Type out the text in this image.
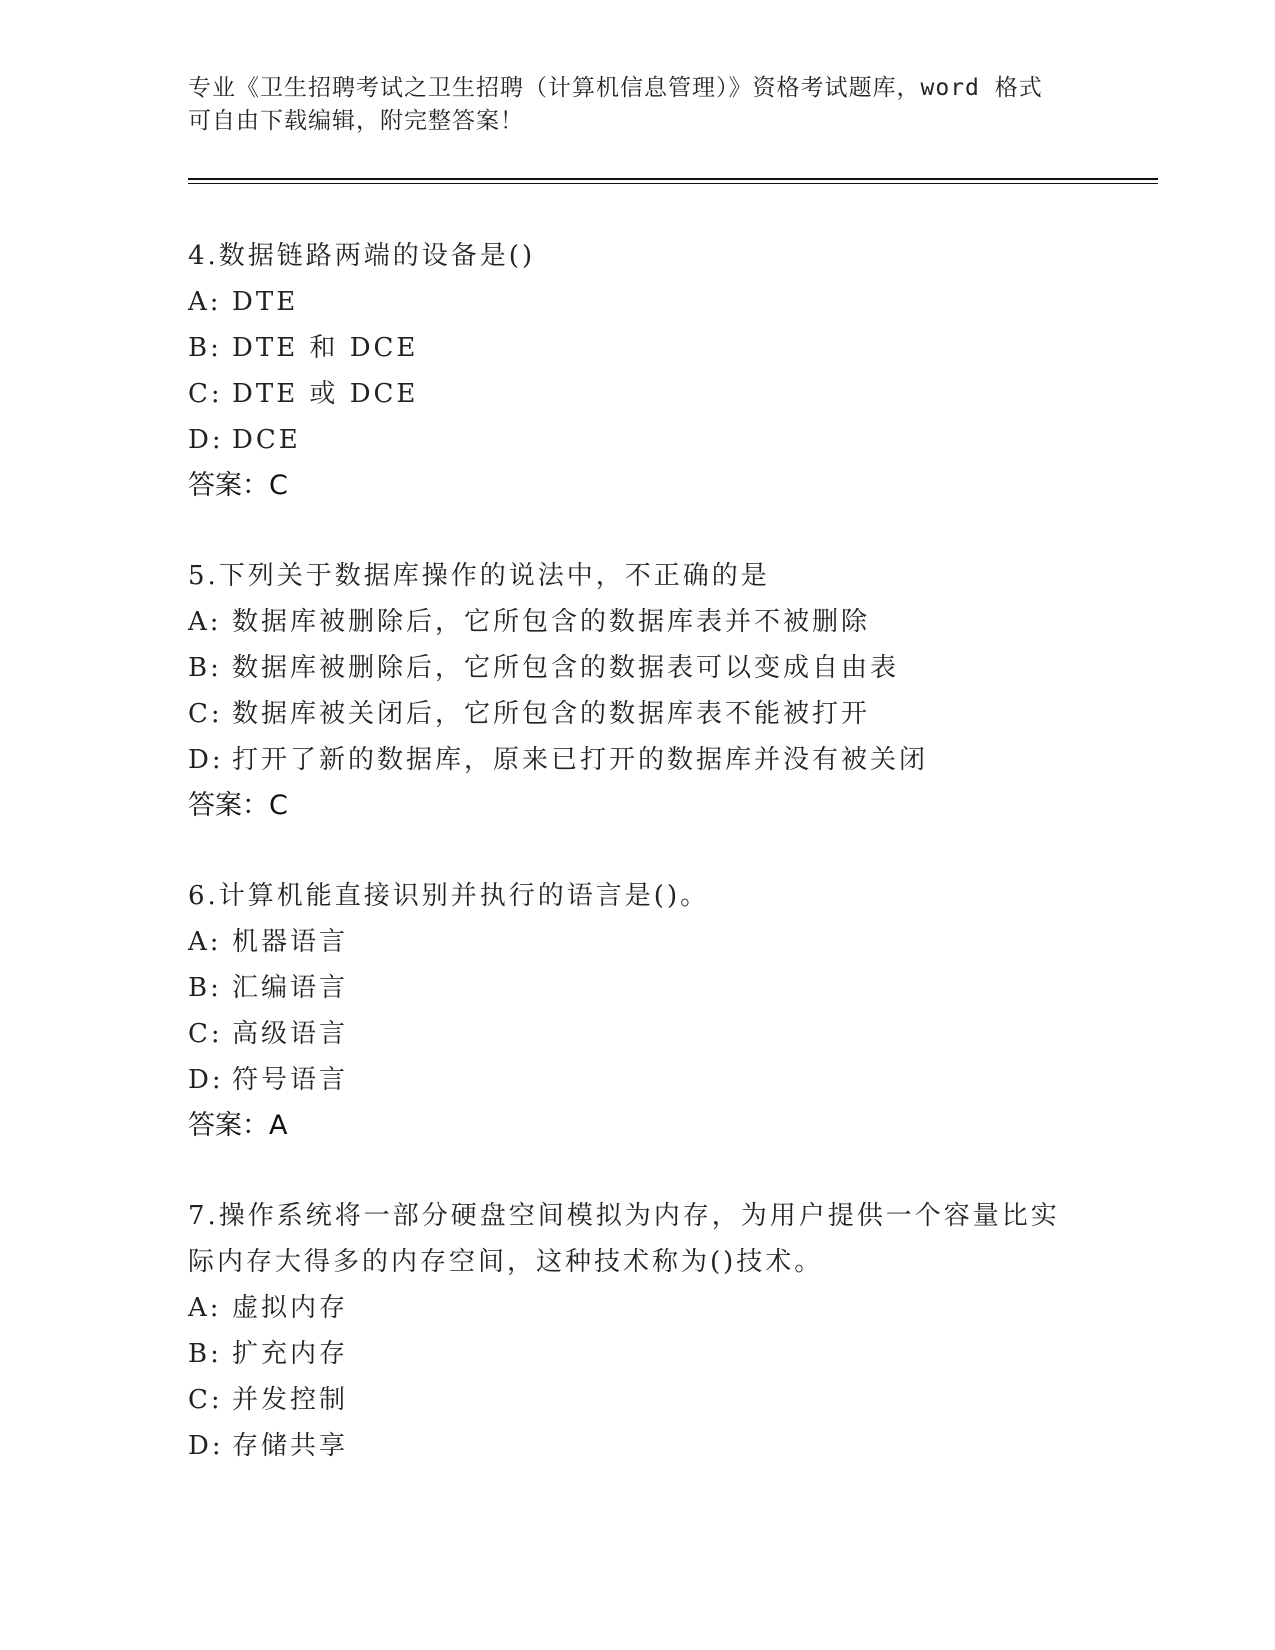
专业《卫生招聘考试之卫生招聘（计算机信息管理）》资格考试题库，word 格式
可自由下载编辑，附完整答案！

4.数据链路两端的设备是()

A: DTE

B: DTE 和 DCE

C: DTE 或 DCE

D: DCE

答案：C

5.下列关于数据库操作的说法中，不正确的是

A: 数据库被删除后，它所包含的数据库表并不被删除

B: 数据库被删除后，它所包含的数据表可以变成自由表

C: 数据库被关闭后，它所包含的数据库表不能被打开

D: 打开了新的数据库，原来已打开的数据库并没有被关闭

答案：C

6.计算机能直接识别并执行的语言是()。

A: 机器语言

B: 汇编语言

C: 高级语言

D: 符号语言

答案：A

7.操作系统将一部分硬盘空间模拟为内存，为用户提供一个容量比实际内存大得多的内存空间，这种技术称为()技术。

A: 虚拟内存

B: 扩充内存

C: 并发控制

D: 存储共享
